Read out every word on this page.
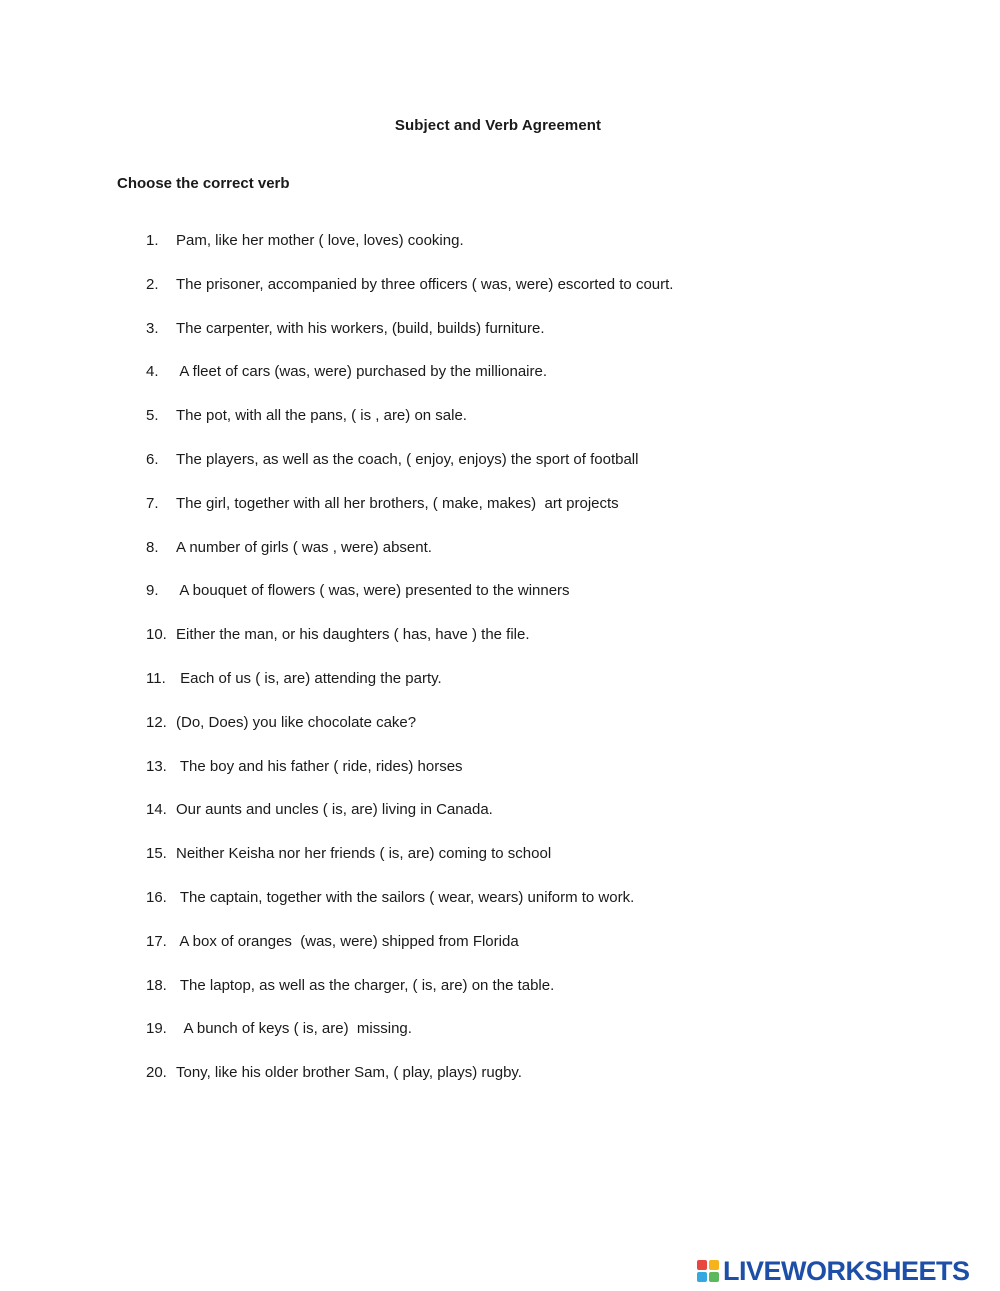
Subject and Verb Agreement
Choose the correct verb
1.	Pam, like her mother ( love, loves) cooking.
2.	The prisoner, accompanied by three officers ( was, were) escorted to court.
3.	The carpenter, with his workers, (build, builds) furniture.
4.	A fleet of cars (was, were) purchased by the millionaire.
5.	The pot, with all the pans, ( is , are) on sale.
6.	The players, as well as the coach, ( enjoy, enjoys) the sport of football
7.	The girl, together with all her brothers, ( make, makes)  art projects
8.	A number of girls ( was , were) absent.
9.	A bouquet of flowers ( was, were) presented to the winners
10. Either the man, or his daughters ( has, have ) the file.
11. Each of us ( is, are) attending the party.
12. (Do, Does) you like chocolate cake?
13. The boy and his father ( ride, rides) horses
14. Our aunts and uncles ( is, are) living in Canada.
15. Neither Keisha nor her friends ( is, are) coming to school
16. The captain, together with the sailors ( wear, wears) uniform to work.
17. A box of oranges  (was, were) shipped from Florida
18. The laptop, as well as the charger, ( is, are) on the table.
19. A bunch of keys ( is, are)  missing.
20. Tony, like his older brother Sam, ( play, plays) rugby.
LIVEWORKSHEETS
